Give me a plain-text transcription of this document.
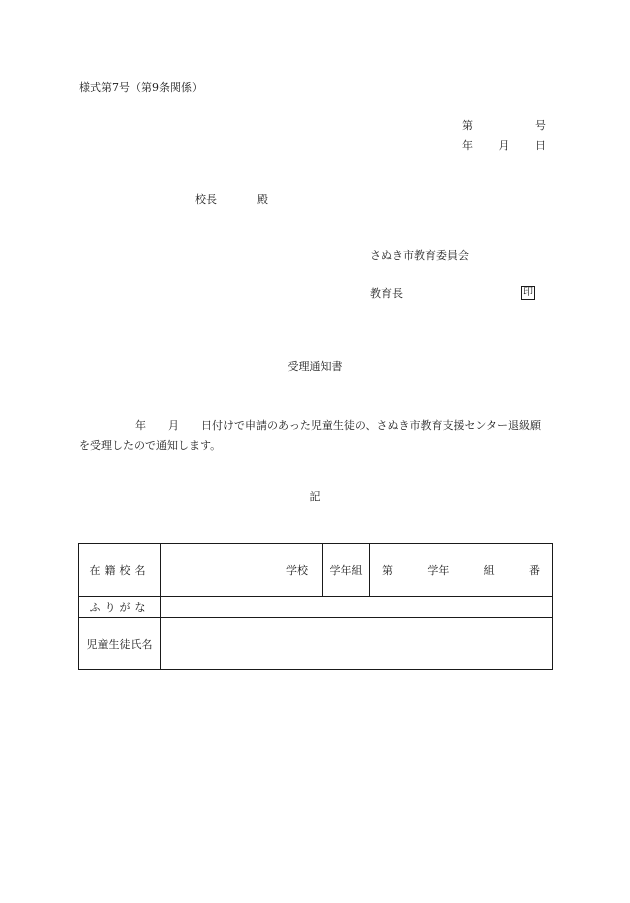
様式第7号（第9条関係）
第	号
年 月 日
校長	殿
さぬき市教育委員会
教育長	印
受理通知書
年 月 日付けで申請のあった児童生徒の、さぬき市教育支援センター退級願を受理したので通知します。
記
在籍校名	学校	学年組	第 学年 組 番

ふりがな			
児童生徒氏名			
